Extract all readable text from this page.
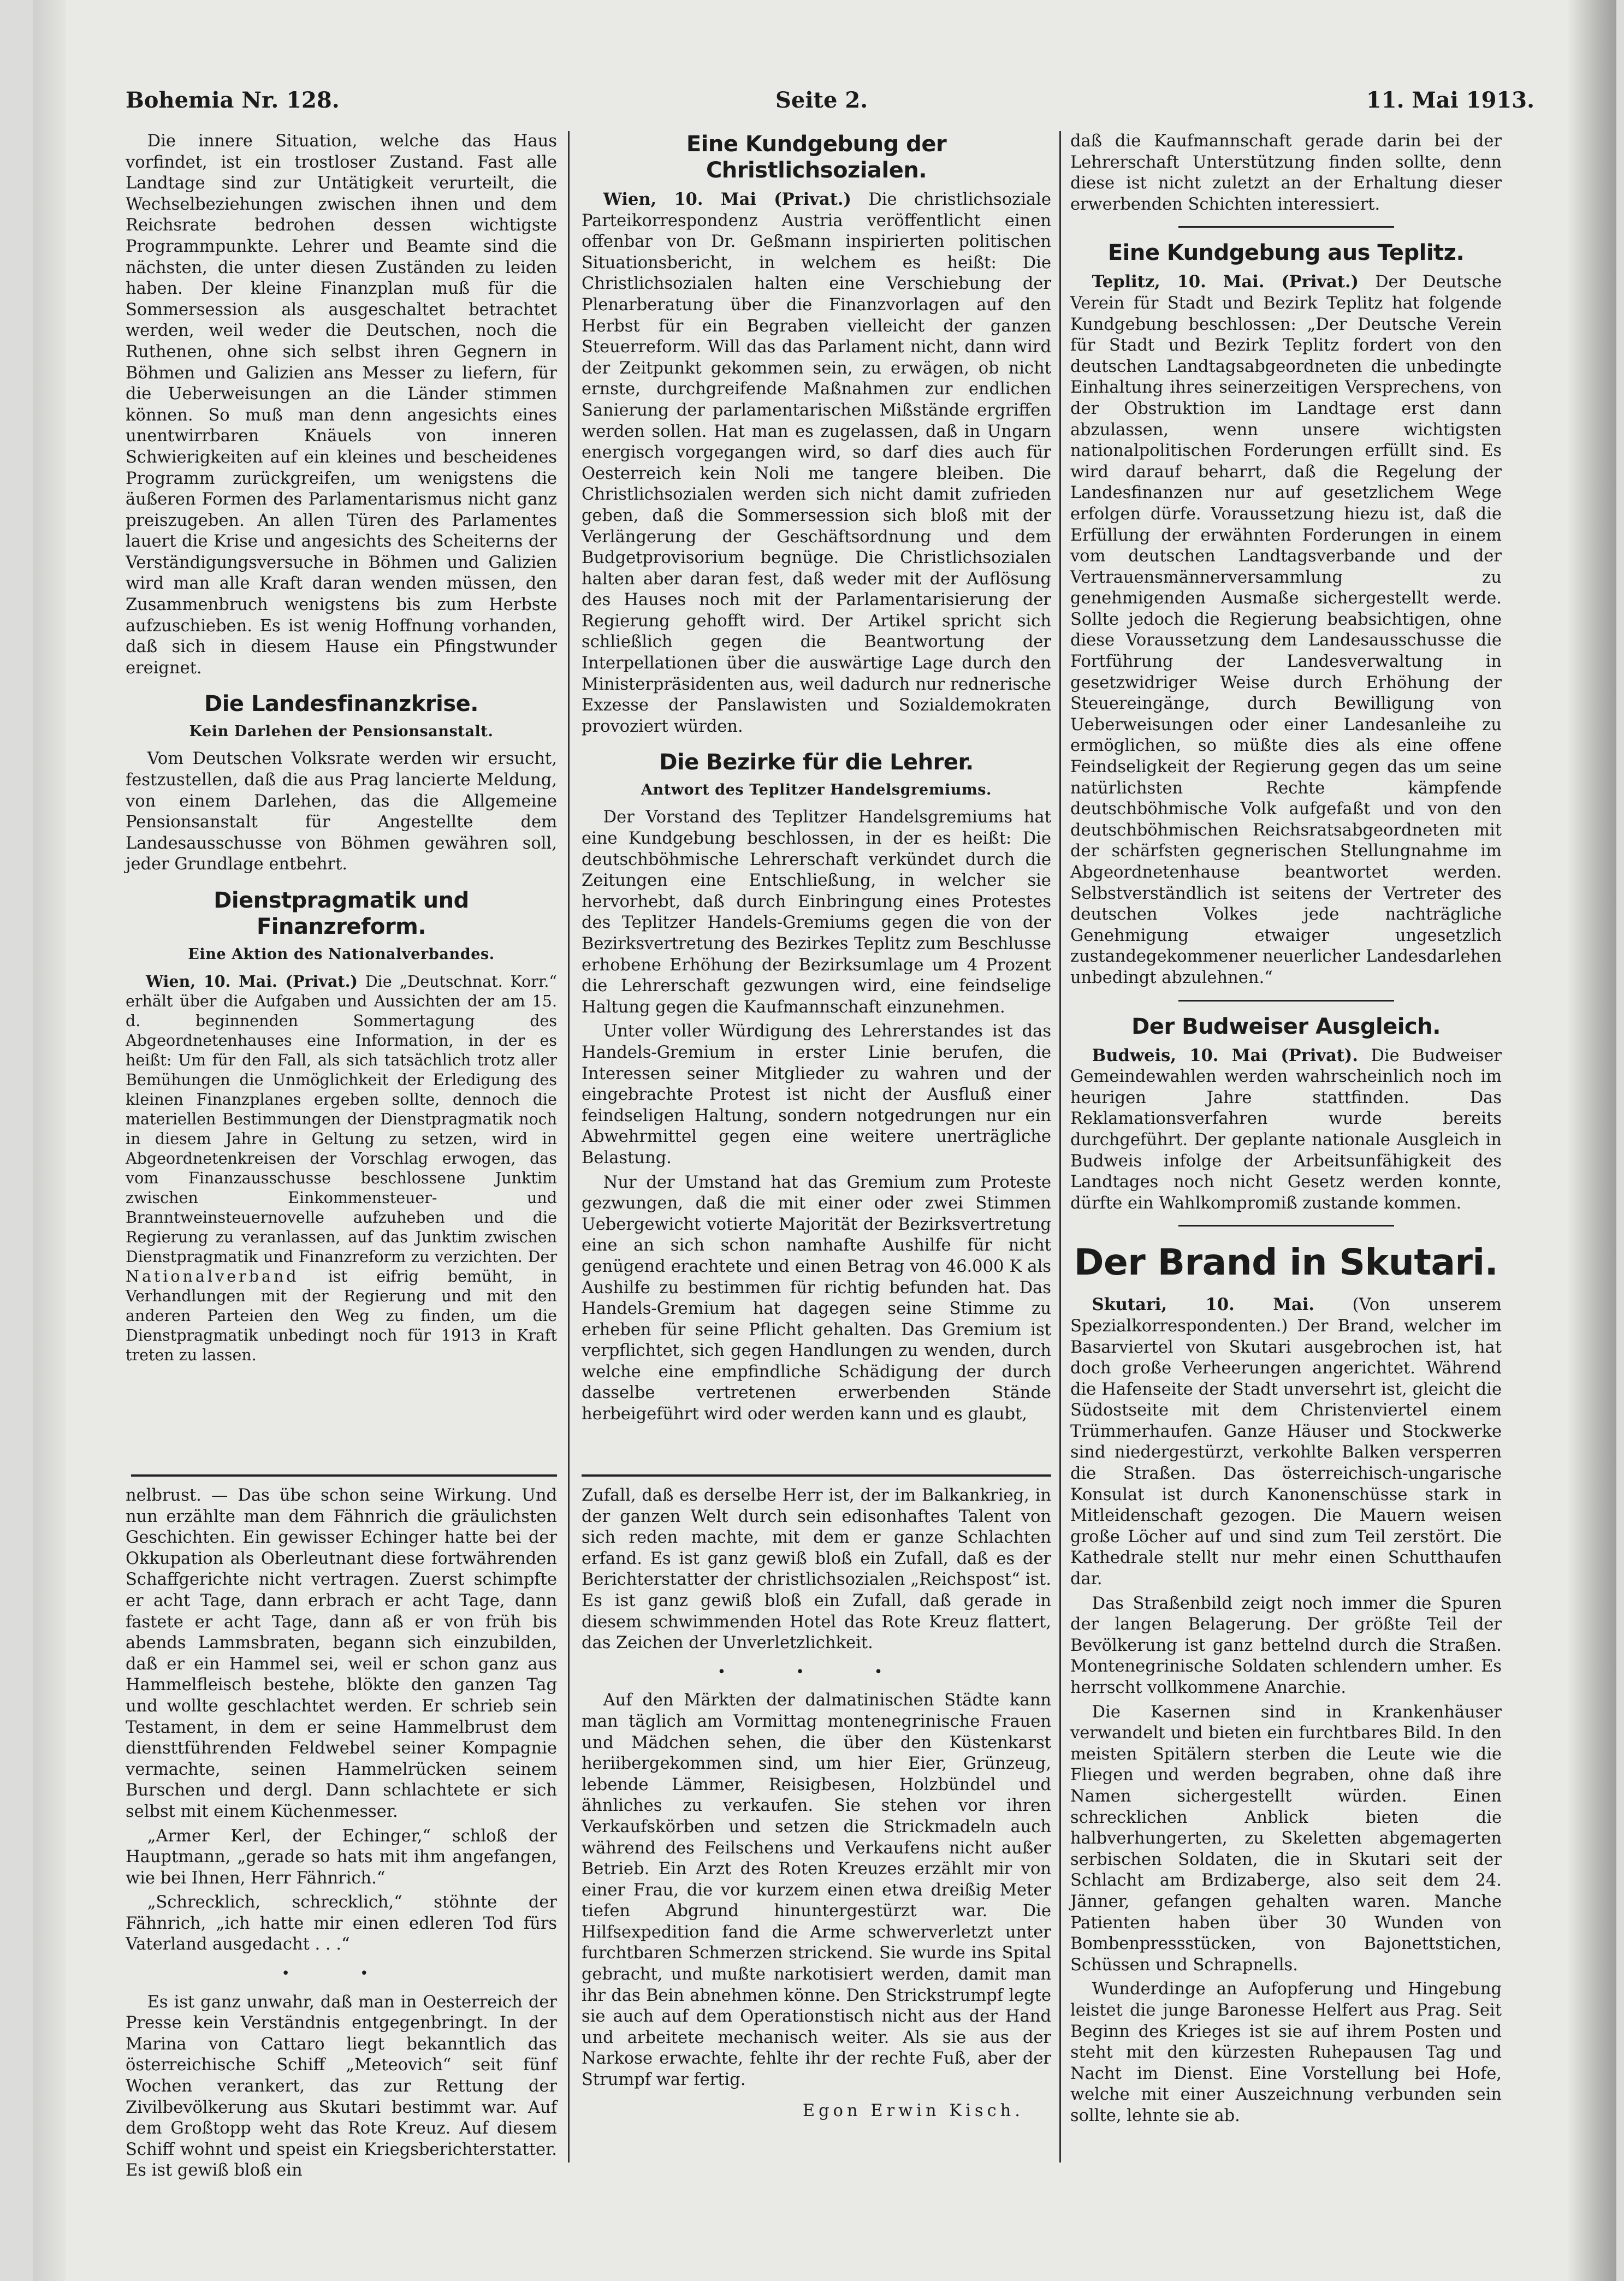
Bohemia Nr. 128.	Seite 2.	11. Mai 1913.

Die innere Situation, welche das Haus vorfindet, ist ein trostloser Zustand. Fast alle Landtage sind zur Untätigkeit verurteilt, die Wechselbeziehungen zwischen ihnen und dem Reichsrate bedrohen dessen wichtigste Programmpunkte. Lehrer und Beamte sind die nächsten, die unter diesen Zuständen zu leiden haben. Der kleine Finanzplan muß für die Sommersession als ausgeschaltet betrachtet werden, weil weder die Deutschen, noch die Ruthenen, ohne sich selbst ihren Gegnern in Böhmen und Galizien ans Messer zu liefern, für die Ueberweisungen an die Länder stimmen können. So muß man denn angesichts eines unentwirrbaren Knäuels von inneren Schwierigkeiten auf ein kleines und bescheidenes Programm zurückgreifen, um wenigstens die äußeren Formen des Parlamentarismus nicht ganz preiszugeben. An allen Türen des Parlamentes lauert die Krise und angesichts des Scheiterns der Verständigungsversuche in Böhmen und Galizien wird man alle Kraft daran wenden müssen, den Zusammenbruch wenigstens bis zum Herbste aufzuschieben. Es ist wenig Hoffnung vorhanden, daß sich in diesem Hause ein Pfingstwunder ereignet.

Die Landesfinanzkrise.
Kein Darlehen der Pensionsanstalt.

Vom Deutschen Volksrate werden wir ersucht, festzustellen, daß die aus Prag lancierte Meldung, von einem Darlehen, das die Allgemeine Pensionsanstalt für Angestellte dem Landesausschusse von Böhmen gewähren soll, jeder Grundlage entbehrt.

Dienstpragmatik und Finanzreform.
Eine Aktion des Nationalverbandes.

Wien, 10. Mai. (Privat.) Die „Deutschnat. Korr.“ erhält über die Aufgaben und Aussichten der am 15. d. beginnenden Sommertagung des Abgeordnetenhauses eine Information, in der es heißt: Um für den Fall, als sich tatsächlich trotz aller Bemühungen die Unmöglichkeit der Erledigung des kleinen Finanzplanes ergeben sollte, dennoch die materiellen Bestimmungen der Dienstpragmatik noch in diesem Jahre in Geltung zu setzen, wird in Abgeordnetenkreisen der Vorschlag erwogen, das vom Finanzausschusse beschlossene Junktim zwischen Einkommensteuer- und Branntweinsteuernovelle aufzuheben und die Regierung zu veranlassen, auf das Junktim zwischen Dienstpragmatik und Finanzreform zu verzichten. Der Nationalverband ist eifrig bemüht, in Verhandlungen mit der Regierung und mit den anderen Parteien den Weg zu finden, um die Dienstpragmatik unbedingt noch für 1913 in Kraft treten zu lassen.

nelbrust. — Das übe schon seine Wirkung. Und nun erzählte man dem Fähnrich die gräulichsten Geschichten. Ein gewisser Echinger hatte bei der Okkupation als Oberleutnant diese fortwährenden Schaffgerichte nicht vertragen. Zuerst schimpfte er acht Tage, dann erbrach er acht Tage, dann fastete er acht Tage, dann aß er von früh bis abends Lammsbraten, begann sich einzubilden, daß er ein Hammel sei, weil er schon ganz aus Hammelfleisch bestehe, blökte den ganzen Tag und wollte geschlachtet werden. Er schrieb sein Testament, in dem er seine Hammelbrust dem diensttführenden Feldwebel seiner Kompagnie vermachte, seinen Hammelrücken seinem Burschen und dergl. Dann schlachtete er sich selbst mit einem Küchenmesser.

„Armer Kerl, der Echinger,“ schloß der Hauptmann, „gerade so hats mit ihm angefangen, wie bei Ihnen, Herr Fähnrich.“

„Schrecklich, schrecklich,“ stöhnte der Fähnrich, „ich hatte mir einen edleren Tod fürs Vaterland ausgedacht . . .“

• •

Es ist ganz unwahr, daß man in Oesterreich der Presse kein Verständnis entgegenbringt. In der Marina von Cattaro liegt bekanntlich das österreichische Schiff „Meteovich“ seit fünf Wochen verankert, das zur Rettung der Zivilbevölkerung aus Skutari bestimmt war. Auf dem Großtopp weht das Rote Kreuz. Auf diesem Schiff wohnt und speist ein Kriegsberichterstatter. Es ist gewiß bloß ein

Eine Kundgebung der Christlichsozialen.

Wien, 10. Mai (Privat.) Die christlichsoziale Parteikorrespondenz Austria veröffentlicht einen offenbar von Dr. Geßmann inspirierten politischen Situationsbericht, in welchem es heißt: Die Christlichsozialen halten eine Verschiebung der Plenarberatung über die Finanzvorlagen auf den Herbst für ein Begraben vielleicht der ganzen Steuerreform. Will das das Parlament nicht, dann wird der Zeitpunkt gekommen sein, zu erwägen, ob nicht ernste, durchgreifende Maßnahmen zur endlichen Sanierung der parlamentarischen Mißstände ergriffen werden sollen. Hat man es zugelassen, daß in Ungarn energisch vorgegangen wird, so darf dies auch für Oesterreich kein Noli me tangere bleiben. Die Christlichsozialen werden sich nicht damit zufrieden geben, daß die Sommersession sich bloß mit der Verlängerung der Geschäftsordnung und dem Budgetprovisorium begnüge. Die Christlichsozialen halten aber daran fest, daß weder mit der Auflösung des Hauses noch mit der Parlamentarisierung der Regierung gehofft wird. Der Artikel spricht sich schließlich gegen die Beantwortung der Interpellationen über die auswärtige Lage durch den Ministerpräsidenten aus, weil dadurch nur rednerische Exzesse der Panslawisten und Sozialdemokraten provoziert würden.

Die Bezirke für die Lehrer.
Antwort des Teplitzer Handelsgremiums.

Der Vorstand des Teplitzer Handelsgremiums hat eine Kundgebung beschlossen, in der es heißt: Die deutschböhmische Lehrerschaft verkündet durch die Zeitungen eine Entschließung, in welcher sie hervorhebt, daß durch Einbringung eines Protestes des Teplitzer Handels-Gremiums gegen die von der Bezirksvertretung des Bezirkes Teplitz zum Beschlusse erhobene Erhöhung der Bezirksumlage um 4 Prozent die Lehrerschaft gezwungen wird, eine feindselige Haltung gegen die Kaufmannschaft einzunehmen.

Unter voller Würdigung des Lehrerstandes ist das Handels-Gremium in erster Linie berufen, die Interessen seiner Mitglieder zu wahren und der eingebrachte Protest ist nicht der Ausfluß einer feindseligen Haltung, sondern notgedrungen nur ein Abwehrmittel gegen eine weitere unerträgliche Belastung.

Nur der Umstand hat das Gremium zum Proteste gezwungen, daß die mit einer oder zwei Stimmen Uebergewicht votierte Majorität der Bezirksvertretung eine an sich schon namhafte Aushilfe für nicht genügend erachtete und einen Betrag von 46.000 K als Aushilfe zu bestimmen für richtig befunden hat. Das Handels-Gremium hat dagegen seine Stimme zu erheben für seine Pflicht gehalten. Das Gremium ist verpflichtet, sich gegen Handlungen zu wenden, durch welche eine empfindliche Schädigung der durch dasselbe vertretenen erwerbenden Stände herbeigeführt wird oder werden kann und es glaubt,

Zufall, daß es derselbe Herr ist, der im Balkankrieg, in der ganzen Welt durch sein edisonhaftes Talent von sich reden machte, mit dem er ganze Schlachten erfand. Es ist ganz gewiß bloß ein Zufall, daß es der Berichterstatter der christlichsozialen „Reichspost“ ist. Es ist ganz gewiß bloß ein Zufall, daß gerade in diesem schwimmenden Hotel das Rote Kreuz flattert, das Zeichen der Unverletzlichkeit.

• • •

Auf den Märkten der dalmatinischen Städte kann man täglich am Vormittag montenegrinische Frauen und Mädchen sehen, die über den Küstenkarst heriibergekommen sind, um hier Eier, Grünzeug, lebende Lämmer, Reisigbesen, Holzbündel und ähnliches zu verkaufen. Sie stehen vor ihren Verkaufskörben und setzen die Strickmadeln auch während des Feilschens und Verkaufens nicht außer Betrieb. Ein Arzt des Roten Kreuzes erzählt mir von einer Frau, die vor kurzem einen etwa dreißig Meter tiefen Abgrund hinuntergestürzt war. Die Hilfsexpedition fand die Arme schwerverletzt unter furchtbaren Schmerzen strickend. Sie wurde ins Spital gebracht, und mußte narkotisiert werden, damit man ihr das Bein abnehmen könne. Den Strickstrumpf legte sie auch auf dem Operationstisch nicht aus der Hand und arbeitete mechanisch weiter. Als sie aus der Narkose erwachte, fehlte ihr der rechte Fuß, aber der Strumpf war fertig.

Egon Erwin Kisch.

daß die Kaufmannschaft gerade darin bei der Lehrerschaft Unterstützung finden sollte, denn diese ist nicht zuletzt an der Erhaltung dieser erwerbenden Schichten interessiert.

Eine Kundgebung aus Teplitz.

Teplitz, 10. Mai. (Privat.) Der Deutsche Verein für Stadt und Bezirk Teplitz hat folgende Kundgebung beschlossen: „Der Deutsche Verein für Stadt und Bezirk Teplitz fordert von den deutschen Landtagsabgeordneten die unbedingte Einhaltung ihres seinerzeitigen Versprechens, von der Obstruktion im Landtage erst dann abzulassen, wenn unsere wichtigsten nationalpolitischen Forderungen erfüllt sind. Es wird darauf beharrt, daß die Regelung der Landesfinanzen nur auf gesetzlichem Wege erfolgen dürfe. Voraussetzung hiezu ist, daß die Erfüllung der erwähnten Forderungen in einem vom deutschen Landtagsverbande und der Vertrauensmännerversammlung zu genehmigenden Ausmaße sichergestellt werde. Sollte jedoch die Regierung beabsichtigen, ohne diese Voraussetzung dem Landesausschusse die Fortführung der Landesverwaltung in gesetzwidriger Weise durch Erhöhung der Steuereingänge, durch Bewilligung von Ueberweisungen oder einer Landesanleihe zu ermöglichen, so müßte dies als eine offene Feindseligkeit der Regierung gegen das um seine natürlichsten Rechte kämpfende deutschböhmische Volk aufgefaßt und von den deutschböhmischen Reichsratsabgeordneten mit der schärfsten gegnerischen Stellungnahme im Abgeordnetenhause beantwortet werden. Selbstverständlich ist seitens der Vertreter des deutschen Volkes jede nachträgliche Genehmigung etwaiger ungesetzlich zustandegekommener neuerlicher Landesdarlehen unbedingt abzulehnen.“

Der Budweiser Ausgleich.

Budweis, 10. Mai (Privat). Die Budweiser Gemeindewahlen werden wahrscheinlich noch im heurigen Jahre stattfinden. Das Reklamationsverfahren wurde bereits durchgeführt. Der geplante nationale Ausgleich in Budweis infolge der Arbeitsunfähigkeit des Landtages noch nicht Gesetz werden konnte, dürfte ein Wahlkompromiß zustande kommen.

Der Brand in Skutari.

Skutari, 10. Mai. (Von unserem Spezialkorrespondenten.) Der Brand, welcher im Basarviertel von Skutari ausgebrochen ist, hat doch große Verheerungen angerichtet. Während die Hafenseite der Stadt unversehrt ist, gleicht die Südostseite mit dem Christenviertel einem Trümmerhaufen. Ganze Häuser und Stockwerke sind niedergestürzt, verkohlte Balken versperren die Straßen. Das österreichisch-ungarische Konsulat ist durch Kanonenschüsse stark in Mitleidenschaft gezogen. Die Mauern weisen große Löcher auf und sind zum Teil zerstört. Die Kathedrale stellt nur mehr einen Schutthaufen dar.

Das Straßenbild zeigt noch immer die Spuren der langen Belagerung. Der größte Teil der Bevölkerung ist ganz bettelnd durch die Straßen. Montenegrinische Soldaten schlendern umher. Es herrscht vollkommene Anarchie.

Die Kasernen sind in Krankenhäuser verwandelt und bieten ein furchtbares Bild. In den meisten Spitälern sterben die Leute wie die Fliegen und werden begraben, ohne daß ihre Namen sichergestellt würden. Einen schrecklichen Anblick bieten die halbverhungerten, zu Skeletten abgemagerten serbischen Soldaten, die in Skutari seit der Schlacht am Brdizaberge, also seit dem 24. Jänner, gefangen gehalten waren. Manche Patienten haben über 30 Wunden von Bombenpressstücken, von Bajonettstichen, Schüssen und Schrapnells.

Wunderdinge an Aufopferung und Hingebung leistet die junge Baronesse Helfert aus Prag. Seit Beginn des Krieges ist sie auf ihrem Posten und steht mit den kürzesten Ruhepausen Tag und Nacht im Dienst. Eine Vorstellung bei Hofe, welche mit einer Auszeichnung verbunden sein sollte, lehnte sie ab.
